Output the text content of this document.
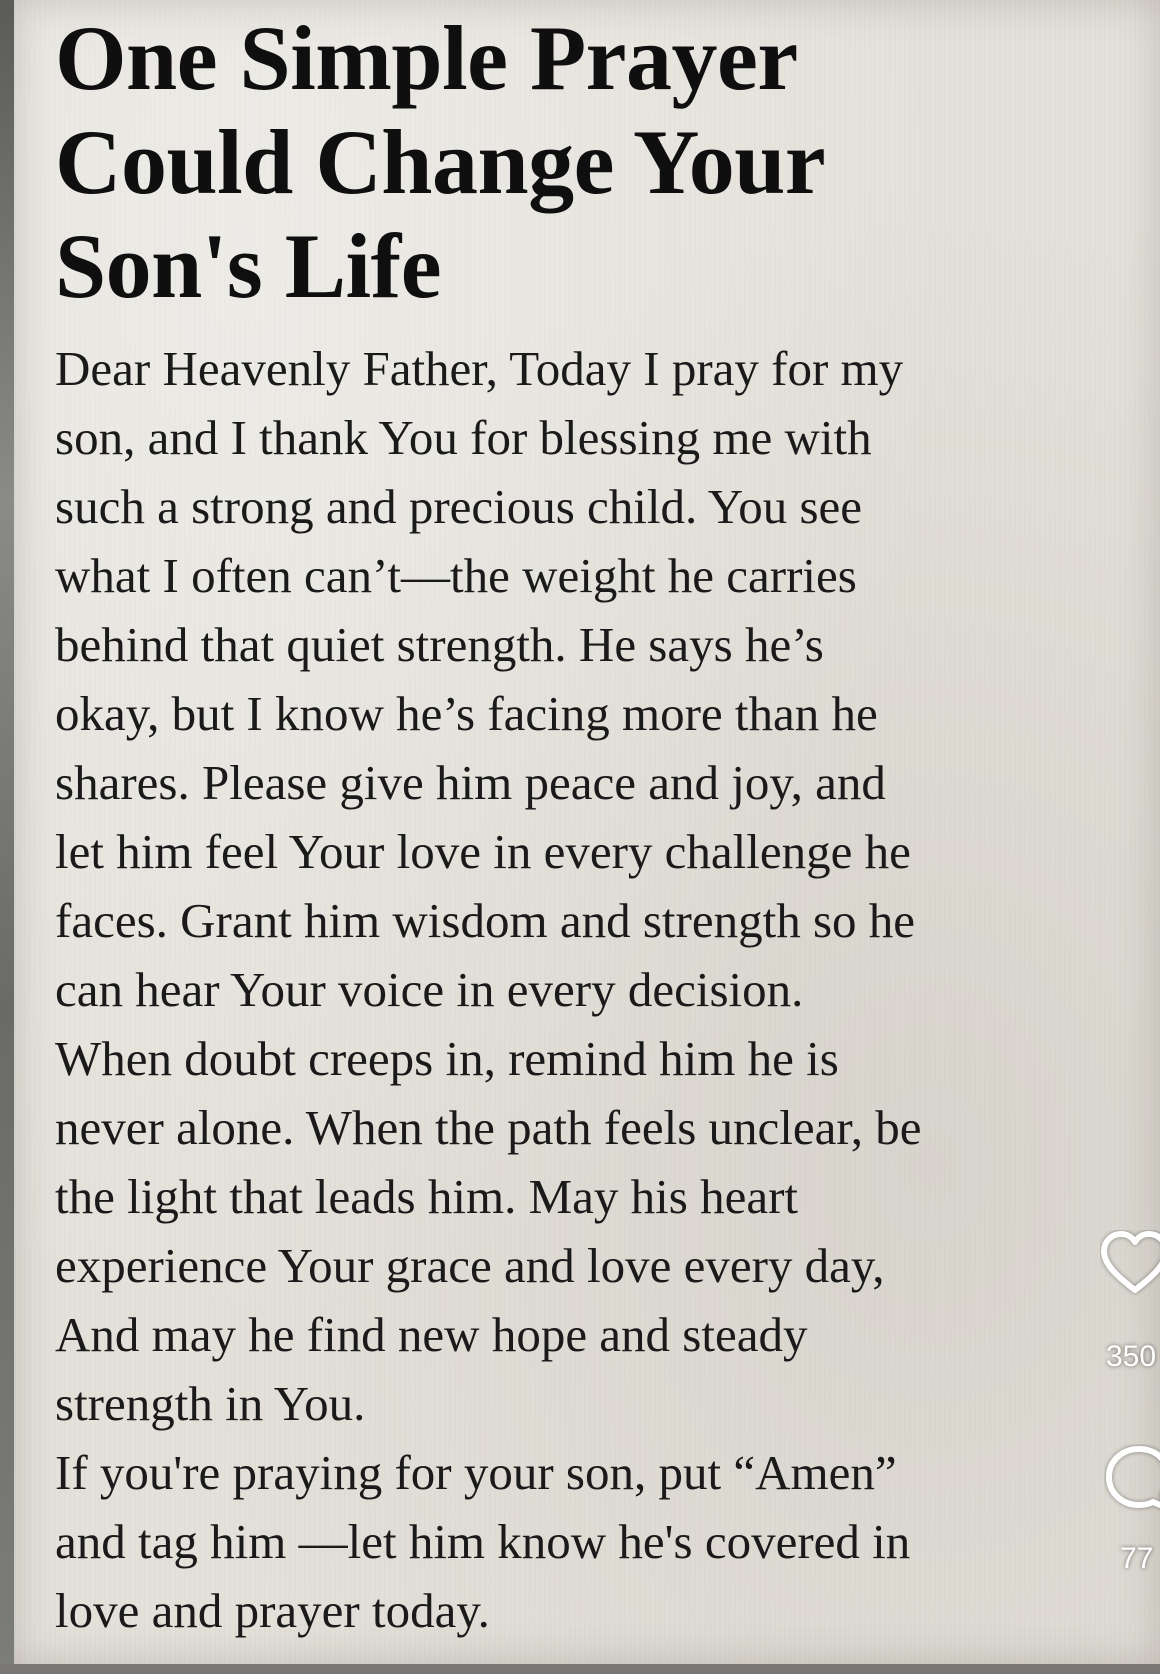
One Simple Prayer
Could Change Your
Son's Life
Dear Heavenly Father, Today I pray for my
son, and I thank You for blessing me with
such a strong and precious child. You see
what I often can’t—the weight he carries
behind that quiet strength. He says he’s
okay, but I know he’s facing more than he
shares. Please give him peace and joy, and
let him feel Your love in every challenge he
faces. Grant him wisdom and strength so he
can hear Your voice in every decision.
When doubt creeps in, remind him he is
never alone. When the path feels unclear, be
the light that leads him. May his heart
experience Your grace and love every day,
And may he find new hope and steady
strength in You.
If you're praying for your son, put “Amen”
and tag him —let him know he's covered in
love and prayer today.
350
77
